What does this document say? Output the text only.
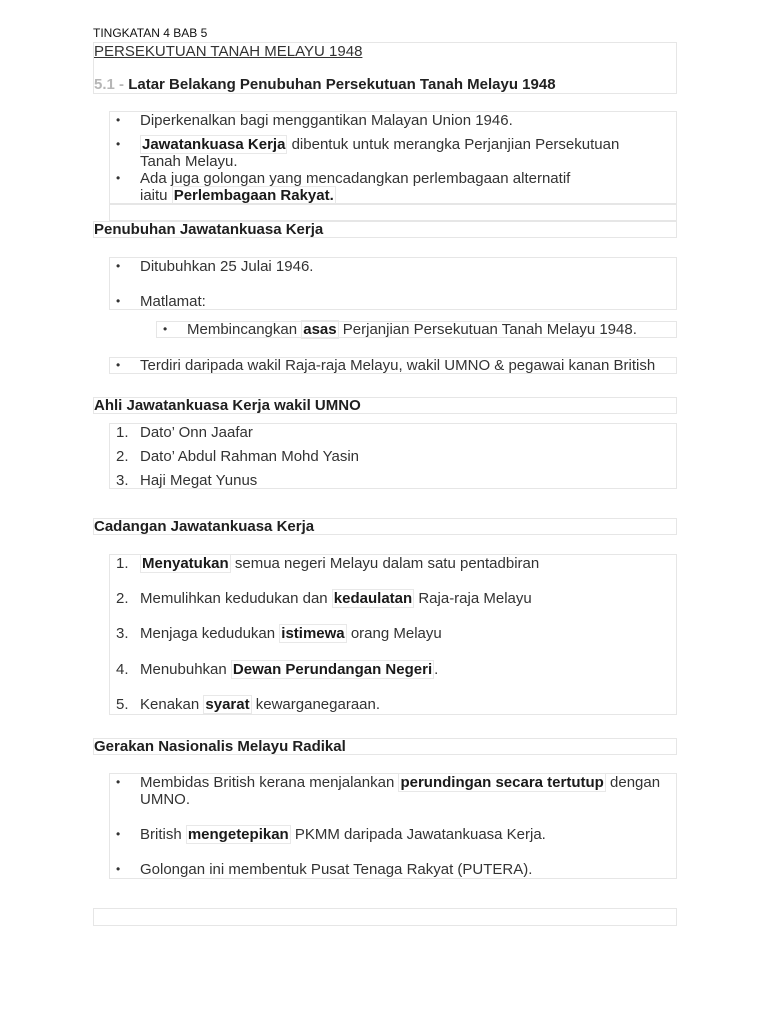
TINGKATAN 4 BAB 5
PERSEKUTUAN TANAH MELAYU 1948
5.1 - Latar Belakang Penubuhan Persekutuan Tanah Melayu 1948
• Diperkenalkan bagi menggantikan Malayan Union 1946.
• Jawatankuasa Kerja dibentuk untuk merangka Perjanjian Persekutuan
Tanah Melayu.
• Ada juga golongan yang mencadangkan perlembagaan alternatif
iaitu Perlembagaan Rakyat.
Penubuhan Jawatankuasa Kerja
• Ditubuhkan 25 Julai 1946.
• Matlamat:
• Membincangkan asas Perjanjian Persekutuan Tanah Melayu 1948.
• Terdiri daripada wakil Raja-raja Melayu, wakil UMNO & pegawai kanan British
Ahli Jawatankuasa Kerja wakil UMNO
1. Dato’ Onn Jaafar
2. Dato’ Abdul Rahman Mohd Yasin
3. Haji Megat Yunus
Cadangan Jawatankuasa Kerja
1. Menyatukan semua negeri Melayu dalam satu pentadbiran
2. Memulihkan kedudukan dan kedaulatan Raja-raja Melayu
3. Menjaga kedudukan istimewa orang Melayu
4. Menubuhkan Dewan Perundangan Negeri .
5. Kenakan syarat kewarganegaraan.
Gerakan Nasionalis Melayu Radikal
• Membidas British kerana menjalankan perundingan secara tertutup dengan
UMNO.
• British mengetepikan PKMM daripada Jawatankuasa Kerja.
• Golongan ini membentuk Pusat Tenaga Rakyat (PUTERA).
